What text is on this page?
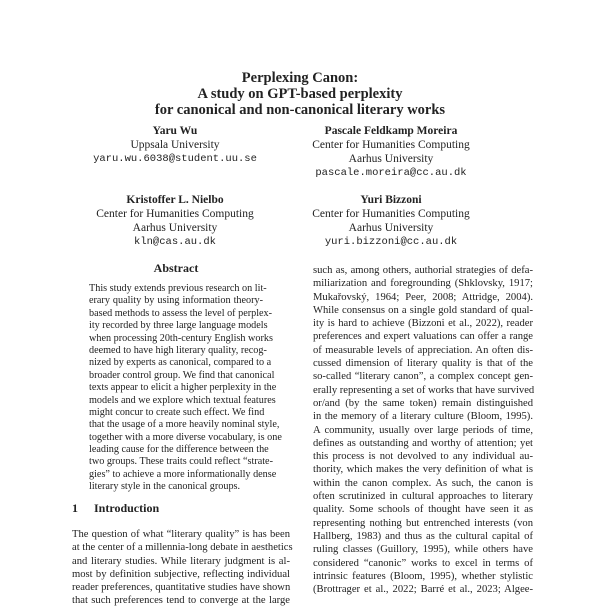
Perplexing Canon:
A study on GPT-based perplexity
for canonical and non-canonical literary works
Yaru Wu
Uppsala University
yaru.wu.6038@student.uu.se
Pascale Feldkamp Moreira
Center for Humanities Computing
Aarhus University
pascale.moreira@cc.au.dk
Kristoffer L. Nielbo
Center for Humanities Computing
Aarhus University
kln@cas.au.dk
Yuri Bizzoni
Center for Humanities Computing
Aarhus University
yuri.bizzoni@cc.au.dk
Abstract
This study extends previous research on lit-
erary quality by using information theory-
based methods to assess the level of perplex-
ity recorded by three large language models
when processing 20th-century English works
deemed to have high literary quality, recog-
nized by experts as canonical, compared to a
broader control group. We find that canonical
texts appear to elicit a higher perplexity in the
models and we explore which textual features
might concur to create such effect. We find
that the usage of a more heavily nominal style,
together with a more diverse vocabulary, is one
leading cause for the difference between the
two groups. These traits could reflect “strate-
gies” to achieve a more informationally dense
literary style in the canonical groups.
1 Introduction
The question of what “literary quality” is has been
at the center of a millennia-long debate in aesthetics
and literary studies. While literary judgment is al-
most by definition subjective, reflecting individual
reader preferences, quantitative studies have shown
that such preferences tend to converge at the large
such as, among others, authorial strategies of defa-
miliarization and foregrounding (Shklovsky, 1917;
Mukařovský, 1964; Peer, 2008; Attridge, 2004).
While consensus on a single gold standard of qual-
ity is hard to achieve (Bizzoni et al., 2022), reader
preferences and expert valuations can offer a range
of measurable levels of appreciation. An often dis-
cussed dimension of literary quality is that of the
so-called “literary canon”, a complex concept gen-
erally representing a set of works that have survived
or/and (by the same token) remain distinguished
in the memory of a literary culture (Bloom, 1995).
A community, usually over large periods of time,
defines as outstanding and worthy of attention; yet
this process is not devolved to any individual au-
thority, which makes the very definition of what is
within the canon complex. As such, the canon is
often scrutinized in cultural approaches to literary
quality. Some schools of thought have seen it as
representing nothing but entrenched interests (von
Hallberg, 1983) and thus as the cultural capital of
ruling classes (Guillory, 1995), while others have
considered “canonic” works to excel in terms of
intrinsic features (Bloom, 1995), whether stylistic
(Brottrager et al., 2022; Barré et al., 2023; Algee-
